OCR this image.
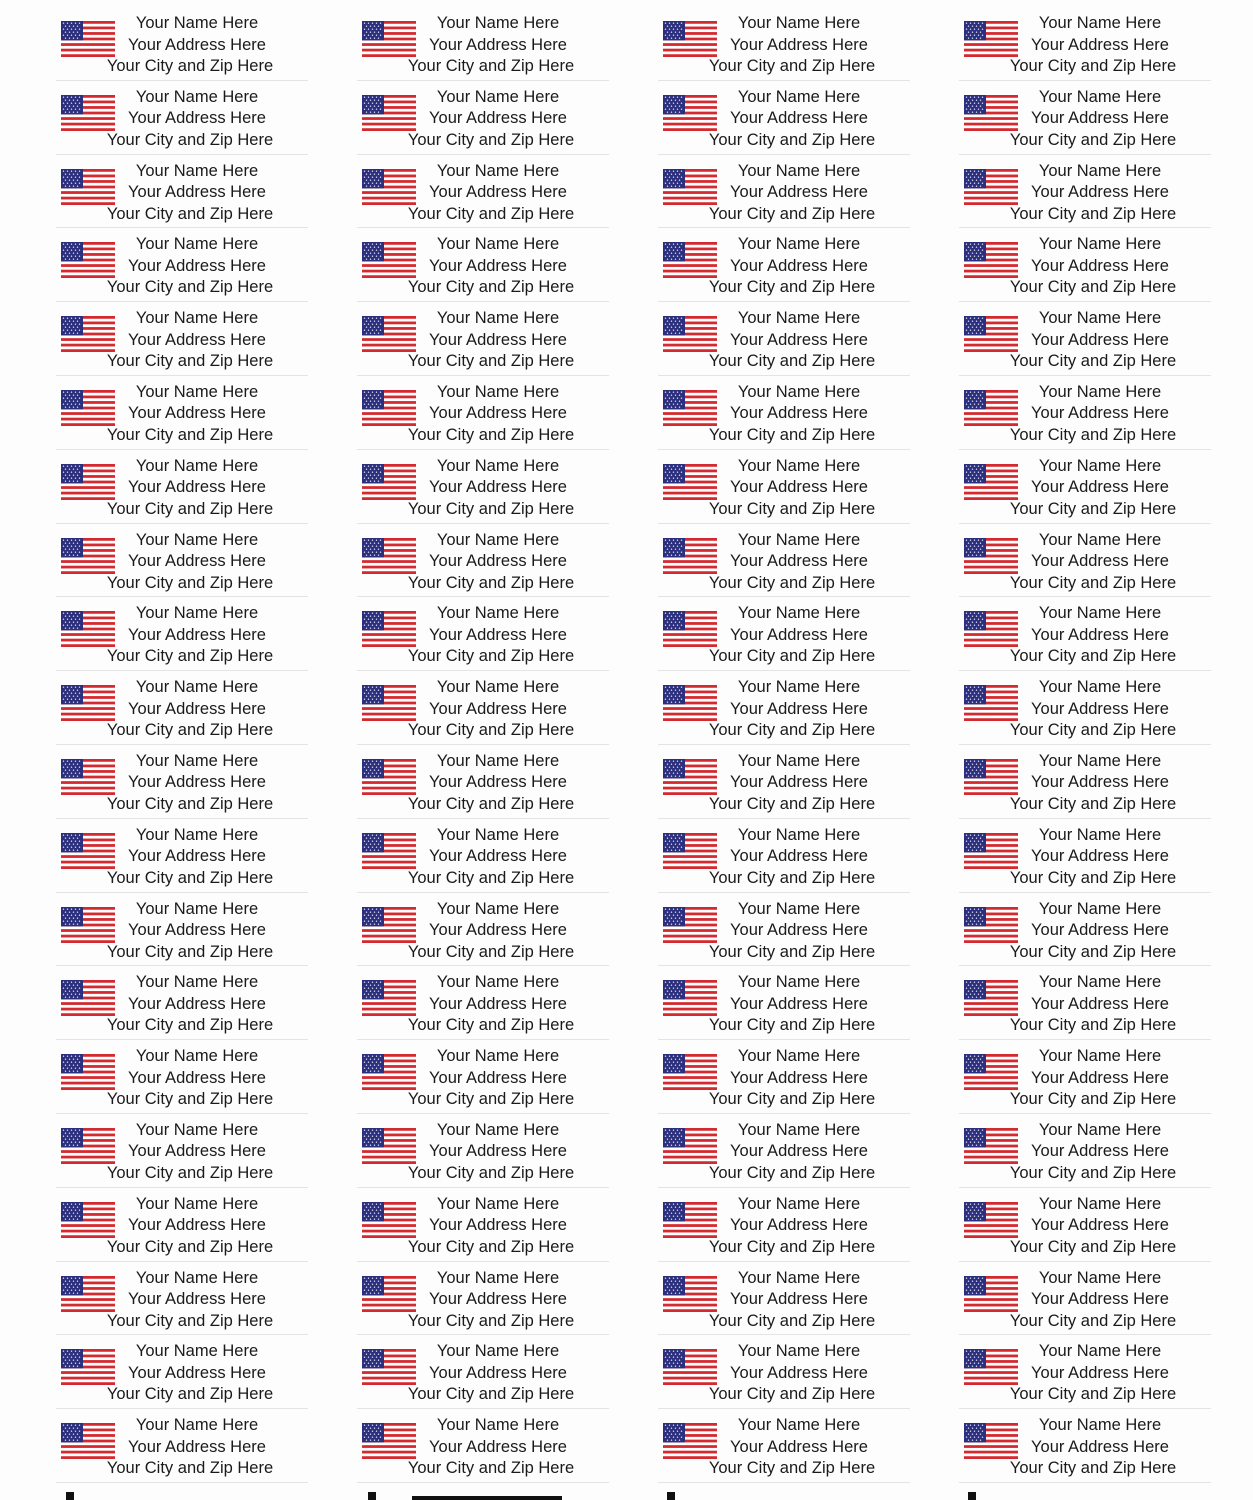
Your Name Here
Your Address Here
Your City and Zip Here
Your Name Here
Your Address Here
Your City and Zip Here
Your Name Here
Your Address Here
Your City and Zip Here
Your Name Here
Your Address Here
Your City and Zip Here
Your Name Here
Your Address Here
Your City and Zip Here
Your Name Here
Your Address Here
Your City and Zip Here
Your Name Here
Your Address Here
Your City and Zip Here
Your Name Here
Your Address Here
Your City and Zip Here
Your Name Here
Your Address Here
Your City and Zip Here
Your Name Here
Your Address Here
Your City and Zip Here
Your Name Here
Your Address Here
Your City and Zip Here
Your Name Here
Your Address Here
Your City and Zip Here
Your Name Here
Your Address Here
Your City and Zip Here
Your Name Here
Your Address Here
Your City and Zip Here
Your Name Here
Your Address Here
Your City and Zip Here
Your Name Here
Your Address Here
Your City and Zip Here
Your Name Here
Your Address Here
Your City and Zip Here
Your Name Here
Your Address Here
Your City and Zip Here
Your Name Here
Your Address Here
Your City and Zip Here
Your Name Here
Your Address Here
Your City and Zip Here
Your Name Here
Your Address Here
Your City and Zip Here
Your Name Here
Your Address Here
Your City and Zip Here
Your Name Here
Your Address Here
Your City and Zip Here
Your Name Here
Your Address Here
Your City and Zip Here
Your Name Here
Your Address Here
Your City and Zip Here
Your Name Here
Your Address Here
Your City and Zip Here
Your Name Here
Your Address Here
Your City and Zip Here
Your Name Here
Your Address Here
Your City and Zip Here
Your Name Here
Your Address Here
Your City and Zip Here
Your Name Here
Your Address Here
Your City and Zip Here
Your Name Here
Your Address Here
Your City and Zip Here
Your Name Here
Your Address Here
Your City and Zip Here
Your Name Here
Your Address Here
Your City and Zip Here
Your Name Here
Your Address Here
Your City and Zip Here
Your Name Here
Your Address Here
Your City and Zip Here
Your Name Here
Your Address Here
Your City and Zip Here
Your Name Here
Your Address Here
Your City and Zip Here
Your Name Here
Your Address Here
Your City and Zip Here
Your Name Here
Your Address Here
Your City and Zip Here
Your Name Here
Your Address Here
Your City and Zip Here
Your Name Here
Your Address Here
Your City and Zip Here
Your Name Here
Your Address Here
Your City and Zip Here
Your Name Here
Your Address Here
Your City and Zip Here
Your Name Here
Your Address Here
Your City and Zip Here
Your Name Here
Your Address Here
Your City and Zip Here
Your Name Here
Your Address Here
Your City and Zip Here
Your Name Here
Your Address Here
Your City and Zip Here
Your Name Here
Your Address Here
Your City and Zip Here
Your Name Here
Your Address Here
Your City and Zip Here
Your Name Here
Your Address Here
Your City and Zip Here
Your Name Here
Your Address Here
Your City and Zip Here
Your Name Here
Your Address Here
Your City and Zip Here
Your Name Here
Your Address Here
Your City and Zip Here
Your Name Here
Your Address Here
Your City and Zip Here
Your Name Here
Your Address Here
Your City and Zip Here
Your Name Here
Your Address Here
Your City and Zip Here
Your Name Here
Your Address Here
Your City and Zip Here
Your Name Here
Your Address Here
Your City and Zip Here
Your Name Here
Your Address Here
Your City and Zip Here
Your Name Here
Your Address Here
Your City and Zip Here
Your Name Here
Your Address Here
Your City and Zip Here
Your Name Here
Your Address Here
Your City and Zip Here
Your Name Here
Your Address Here
Your City and Zip Here
Your Name Here
Your Address Here
Your City and Zip Here
Your Name Here
Your Address Here
Your City and Zip Here
Your Name Here
Your Address Here
Your City and Zip Here
Your Name Here
Your Address Here
Your City and Zip Here
Your Name Here
Your Address Here
Your City and Zip Here
Your Name Here
Your Address Here
Your City and Zip Here
Your Name Here
Your Address Here
Your City and Zip Here
Your Name Here
Your Address Here
Your City and Zip Here
Your Name Here
Your Address Here
Your City and Zip Here
Your Name Here
Your Address Here
Your City and Zip Here
Your Name Here
Your Address Here
Your City and Zip Here
Your Name Here
Your Address Here
Your City and Zip Here
Your Name Here
Your Address Here
Your City and Zip Here
Your Name Here
Your Address Here
Your City and Zip Here
Your Name Here
Your Address Here
Your City and Zip Here
Your Name Here
Your Address Here
Your City and Zip Here
Your Name Here
Your Address Here
Your City and Zip Here
